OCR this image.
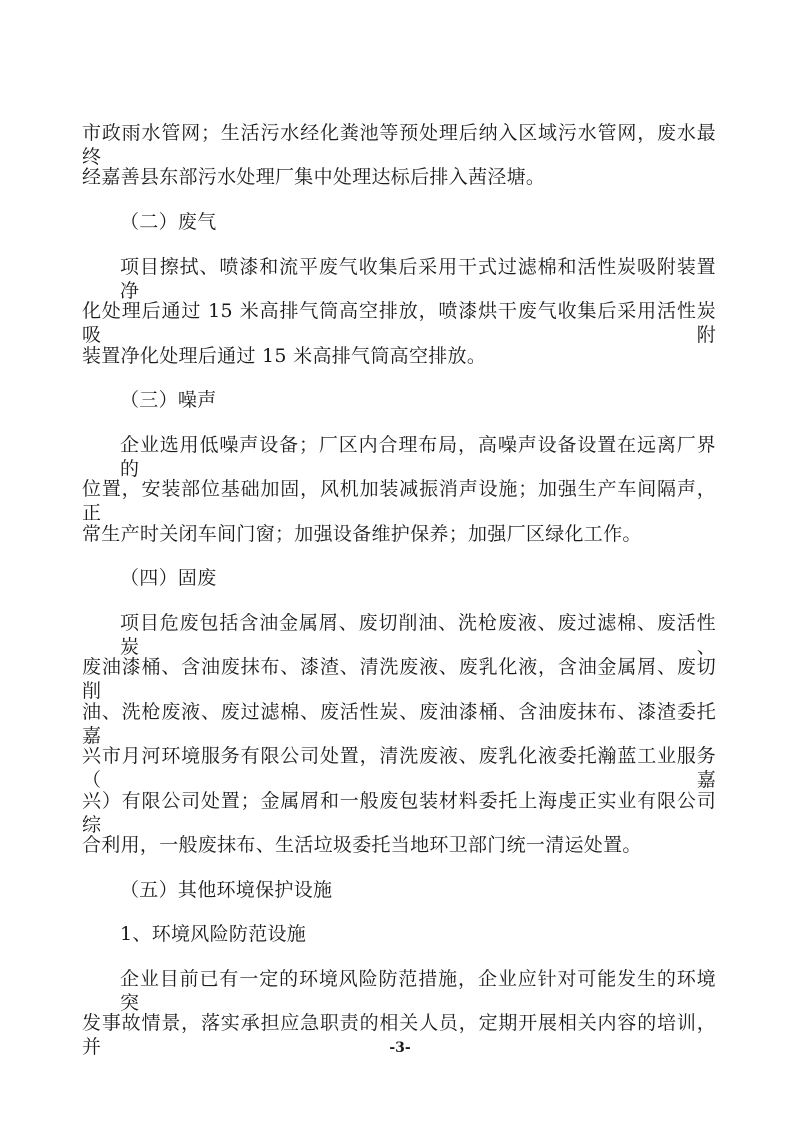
市政雨水管网；生活污水经化粪池等预处理后纳入区域污水管网，废水最终
经嘉善县东部污水处理厂集中处理达标后排入茜泾塘。
（二）废气
项目擦拭、喷漆和流平废气收集后采用干式过滤棉和活性炭吸附装置净
化处理后通过 15 米高排气筒高空排放，喷漆烘干废气收集后采用活性炭吸附
装置净化处理后通过 15 米高排气筒高空排放。
（三）噪声
企业选用低噪声设备；厂区内合理布局，高噪声设备设置在远离厂界的
位置，安装部位基础加固，风机加装减振消声设施；加强生产车间隔声，正
常生产时关闭车间门窗；加强设备维护保养；加强厂区绿化工作。
（四）固废
项目危废包括含油金属屑、废切削油、洗枪废液、废过滤棉、废活性炭、
废油漆桶、含油废抹布、漆渣、清洗废液、废乳化液，含油金属屑、废切削
油、洗枪废液、废过滤棉、废活性炭、废油漆桶、含油废抹布、漆渣委托嘉
兴市月河环境服务有限公司处置，清洗废液、废乳化液委托瀚蓝工业服务（嘉
兴）有限公司处置；金属屑和一般废包装材料委托上海虔正实业有限公司综
合利用，一般废抹布、生活垃圾委托当地环卫部门统一清运处置。
（五）其他环境保护设施
1、环境风险防范设施
企业目前已有一定的环境风险防范措施，企业应针对可能发生的环境突
发事故情景，落实承担应急职责的相关人员，定期开展相关内容的培训，并	-3-
